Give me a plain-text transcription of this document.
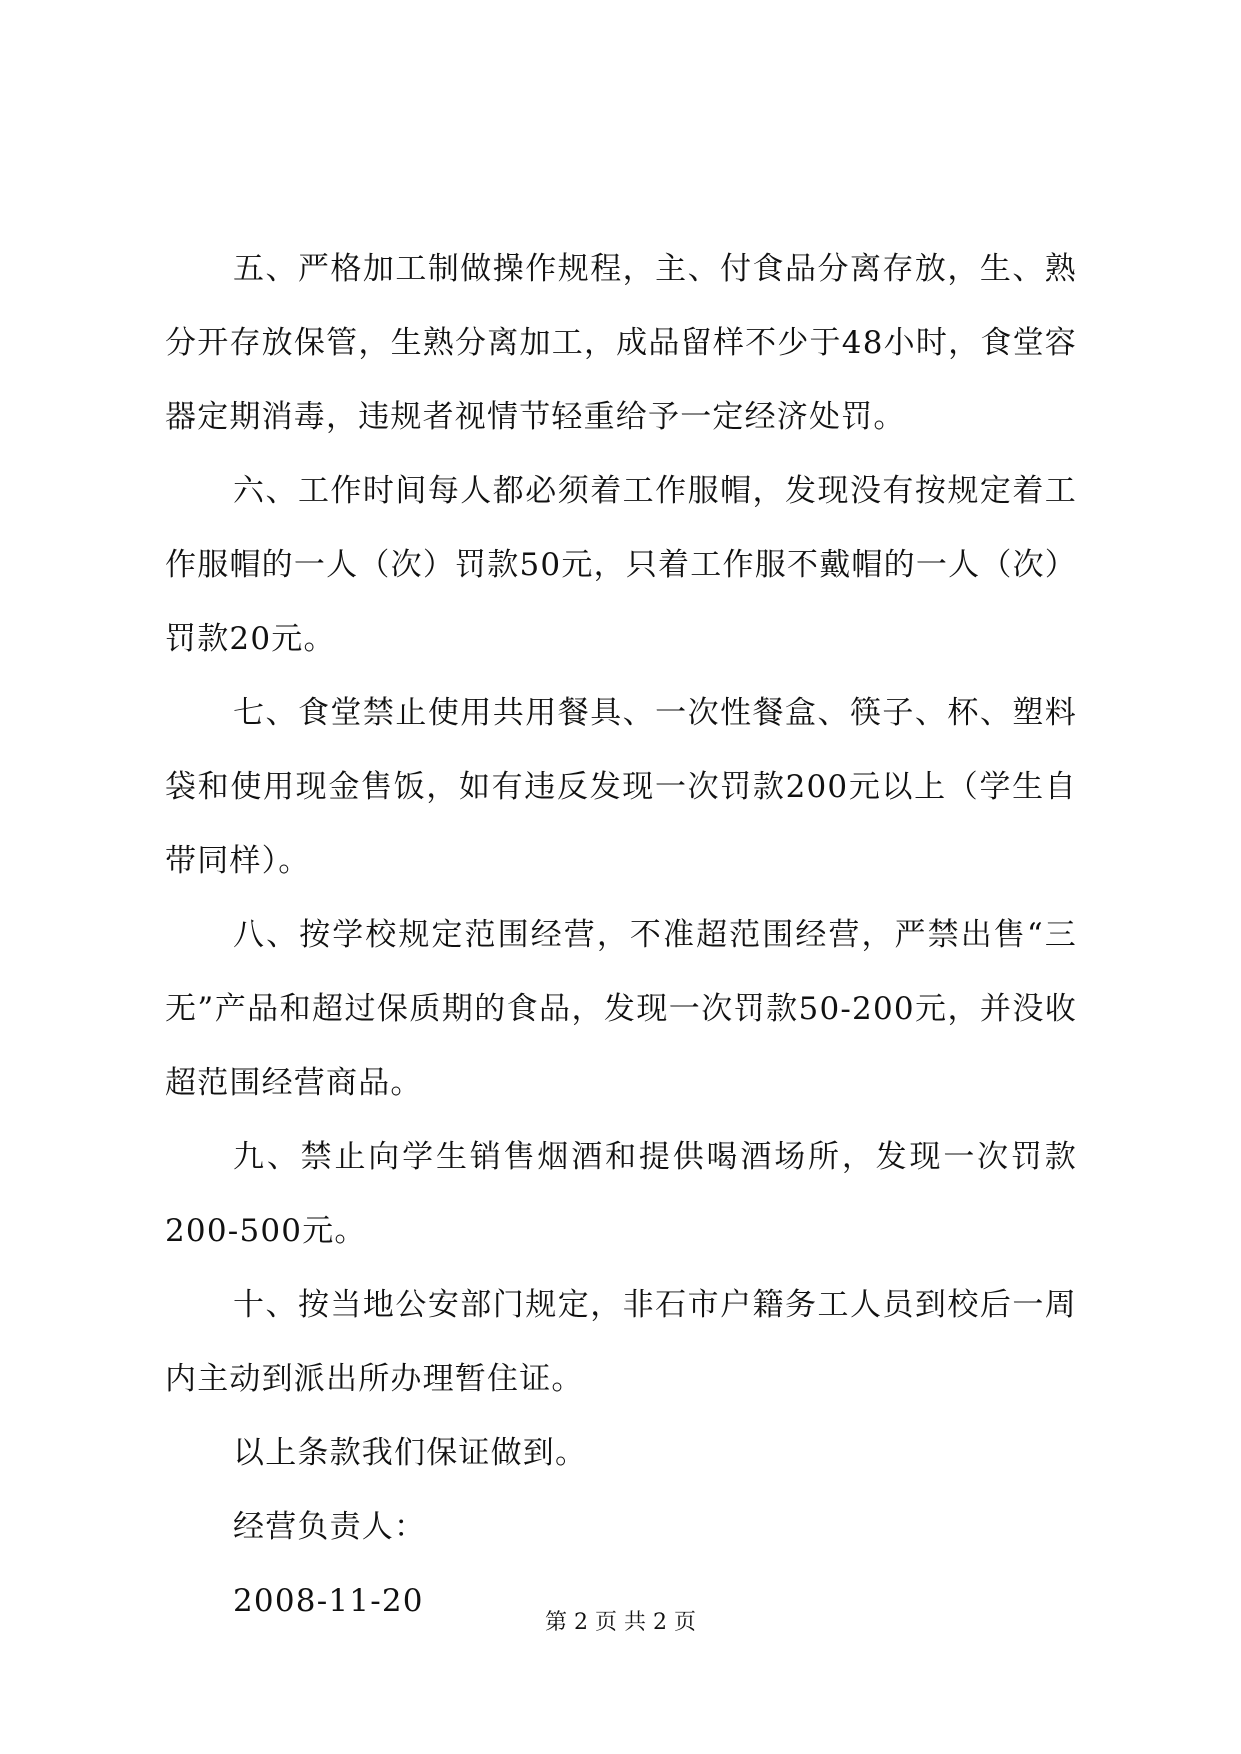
五、严格加工制做操作规程，主、付食品分离存放，生、熟分开存放保管，生熟分离加工，成品留样不少于48小时，食堂容器定期消毒，违规者视情节轻重给予一定经济处罚。

六、工作时间每人都必须着工作服帽，发现没有按规定着工作服帽的一人（次）罚款50元，只着工作服不戴帽的一人（次）罚款20元。

七、食堂禁止使用共用餐具、一次性餐盒、筷子、杯、塑料袋和使用现金售饭，如有违反发现一次罚款200元以上（学生自带同样）。

八、按学校规定范围经营，不准超范围经营，严禁出售“三无”产品和超过保质期的食品，发现一次罚款50-200元，并没收超范围经营商品。

九、禁止向学生销售烟酒和提供喝酒场所，发现一次罚款200-500元。

十、按当地公安部门规定，非石市户籍务工人员到校后一周内主动到派出所办理暂住证。

以上条款我们保证做到。

经营负责人：

2008-11-20

第 2 页 共 2 页
